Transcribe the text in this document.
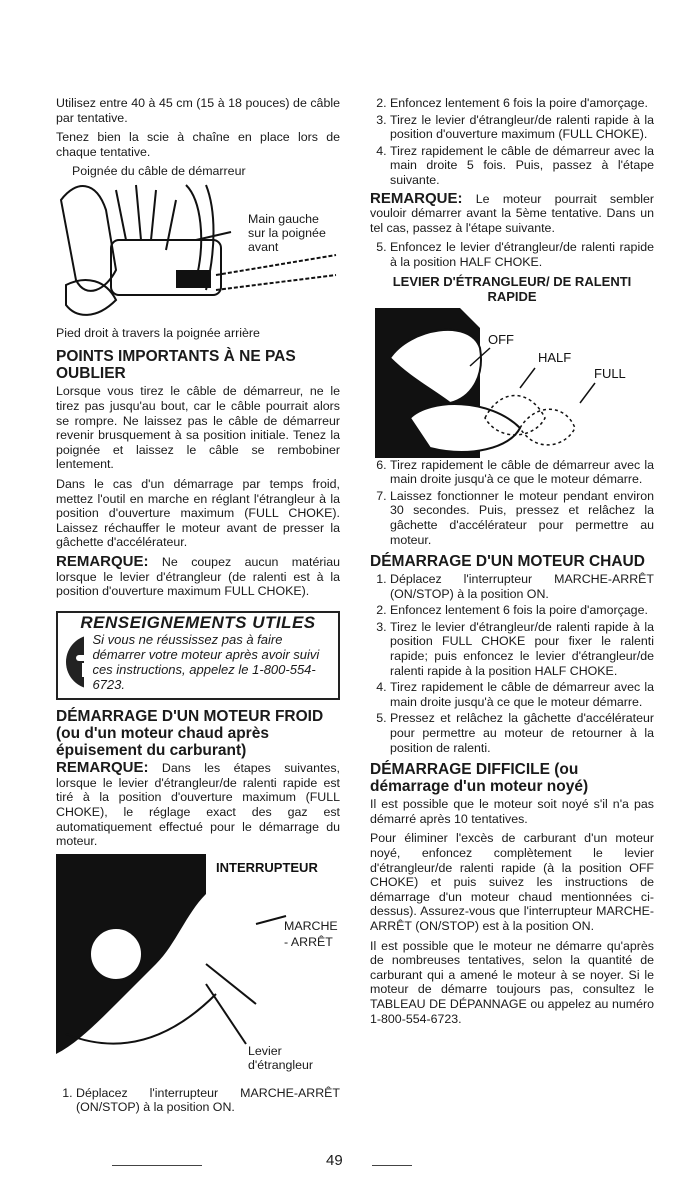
Utilisez entre 40 à 45 cm (15 à 18 pouces) de câble par tentative.

Tenez bien la scie à chaîne en place lors de chaque tentative.

Poignée du câble de démarreur
Main gauche sur la poignée avant
Pied droit à travers la poignée arrière
POINTS IMPORTANTS À NE PAS OUBLIER

Lorsque vous tirez le câble de démarreur, ne le tirez pas jusqu'au bout, car le câble pourrait alors se rompre. Ne laissez pas le câble de démarreur revenir brusquement à sa position initiale. Tenez la poignée et laissez le câble se rembobiner lentement.

Dans le cas d'un démarrage par temps froid, mettez l'outil en marche en réglant l'étrangleur à la position d'ouverture maximum (FULL CHOKE). Laissez réchauffer le moteur avant de presser la gâchette d'accélérateur.

REMARQUE: Ne coupez aucun matériau lorsque le levier d'étrangleur (de ralenti est à la position d'ouverture maximum FULL CHOKE).

RENSEIGNEMENTS UTILES
Si vous ne réussissez pas à faire démarrer votre moteur après avoir suivi ces instructions, appelez le 1-800-554-6723.
DÉMARRAGE D'UN MOTEUR FROID (ou d'un moteur chaud après épuisement du carburant)

REMARQUE: Dans les étapes suivantes, lorsque le levier d'étrangleur/de ralenti rapide est tiré à la position d'ouverture maximum (FULL CHOKE), le réglage exact des gaz est automatiquement effectué pour le démarrage du moteur.

INTERRUPTEUR
MARCHE - ARRÊT
Levier d'étrangleur
1. Déplacez l'interrupteur MARCHE-ARRÊT (ON/STOP) à la position ON.
2. Enfoncez lentement 6 fois la poire d'amorçage.
3. Tirez le levier d'étrangleur/de ralenti rapide à la position d'ouverture maximum (FULL CHOKE).
4. Tirez rapidement le câble de démarreur avec la main droite 5 fois. Puis, passez à l'étape suivante.

REMARQUE: Le moteur pourrait sembler vouloir démarrer avant la 5ème tentative. Dans un tel cas, passez à l'étape suivante.

5. Enfoncez le levier d'étrangleur/de ralenti rapide à la position HALF CHOKE.
LEVIER D'ÉTRANGLEUR/ DE RALENTI RAPIDE
OFF
HALF
FULL
6. Tirez rapidement le câble de démarreur avec la main droite jusqu'à ce que le moteur démarre.
7. Laissez fonctionner le moteur pendant environ 30 secondes. Puis, pressez et relâchez la gâchette d'accélérateur pour permettre au moteur.
DÉMARRAGE D'UN MOTEUR CHAUD
1. Déplacez l'interrupteur MARCHE-ARRÊT (ON/STOP) à la position ON.
2. Enfoncez lentement 6 fois la poire d'amorçage.
3. Tirez le levier d'étrangleur/de ralenti rapide à la position FULL CHOKE pour fixer le ralenti rapide; puis enfoncez le levier d'étrangleur/de ralenti rapide à la position HALF CHOKE.
4. Tirez rapidement le câble de démarreur avec la main droite jusqu'à ce que le moteur démarre.
5. Pressez et relâchez la gâchette d'accélérateur pour permettre au moteur de retourner à la position de ralenti.
DÉMARRAGE DIFFICILE (ou démarrage d'un moteur noyé)

Il est possible que le moteur soit noyé s'il n'a pas démarré après 10 tentatives.

Pour éliminer l'excès de carburant d'un moteur noyé, enfoncez complètement le levier d'étrangleur/de ralenti rapide (à la position OFF CHOKE) et puis suivez les instructions de démarrage d'un moteur chaud mentionnées ci-dessus). Assurez-vous que l'interrupteur MARCHE-ARRÊT (ON/STOP) est à la position ON.

Il est possible que le moteur ne démarre qu'après de nombreuses tentatives, selon la quantité de carburant qui a amené le moteur à se noyer. Si le moteur de démarre toujours pas, consultez le TABLEAU DE DÉPANNAGE ou appelez au numéro 1-800-554-6723.

49
